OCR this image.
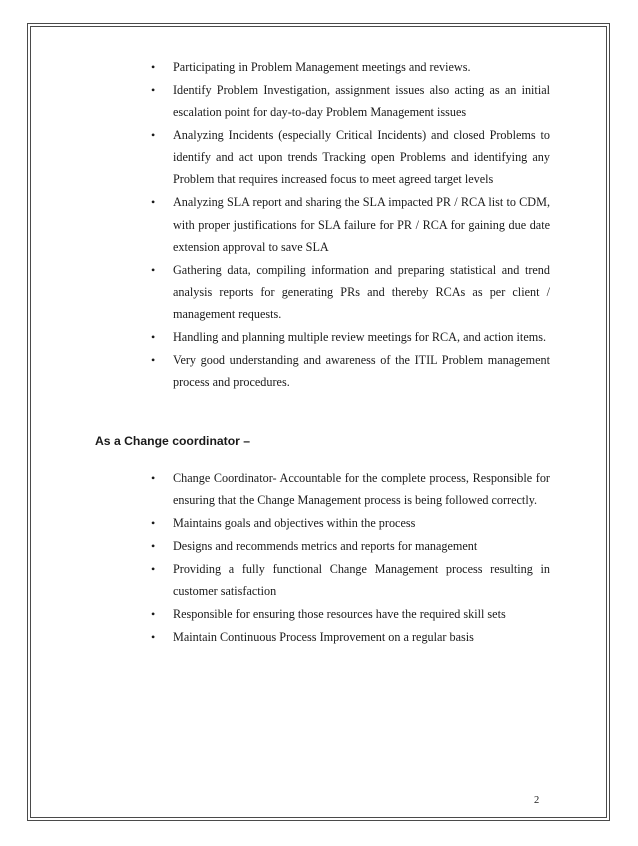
• Participating in Problem Management meetings and reviews.
• Identify Problem Investigation, assignment issues also acting as an initial escalation point for day-to-day Problem Management issues
• Analyzing Incidents (especially Critical Incidents) and closed Problems to identify and act upon trends Tracking open Problems and identifying any Problem that requires increased focus to meet agreed target levels
• Analyzing SLA report and sharing the SLA impacted PR / RCA list to CDM, with proper justifications for SLA failure for PR / RCA for gaining due date extension approval to save SLA
• Gathering data, compiling information and preparing statistical and trend analysis reports for generating PRs and thereby RCAs as per client / management requests.
• Handling and planning multiple review meetings for RCA, and action items.
• Very good understanding and awareness of the ITIL Problem management process and procedures.
As a Change coordinator –
• Change Coordinator- Accountable for the complete process, Responsible for ensuring that the Change Management process is being followed correctly.
• Maintains goals and objectives within the process
• Designs and recommends metrics and reports for management
• Providing a fully functional Change Management process resulting in customer satisfaction
• Responsible for ensuring those resources have the required skill sets
• Maintain Continuous Process Improvement on a regular basis
2
